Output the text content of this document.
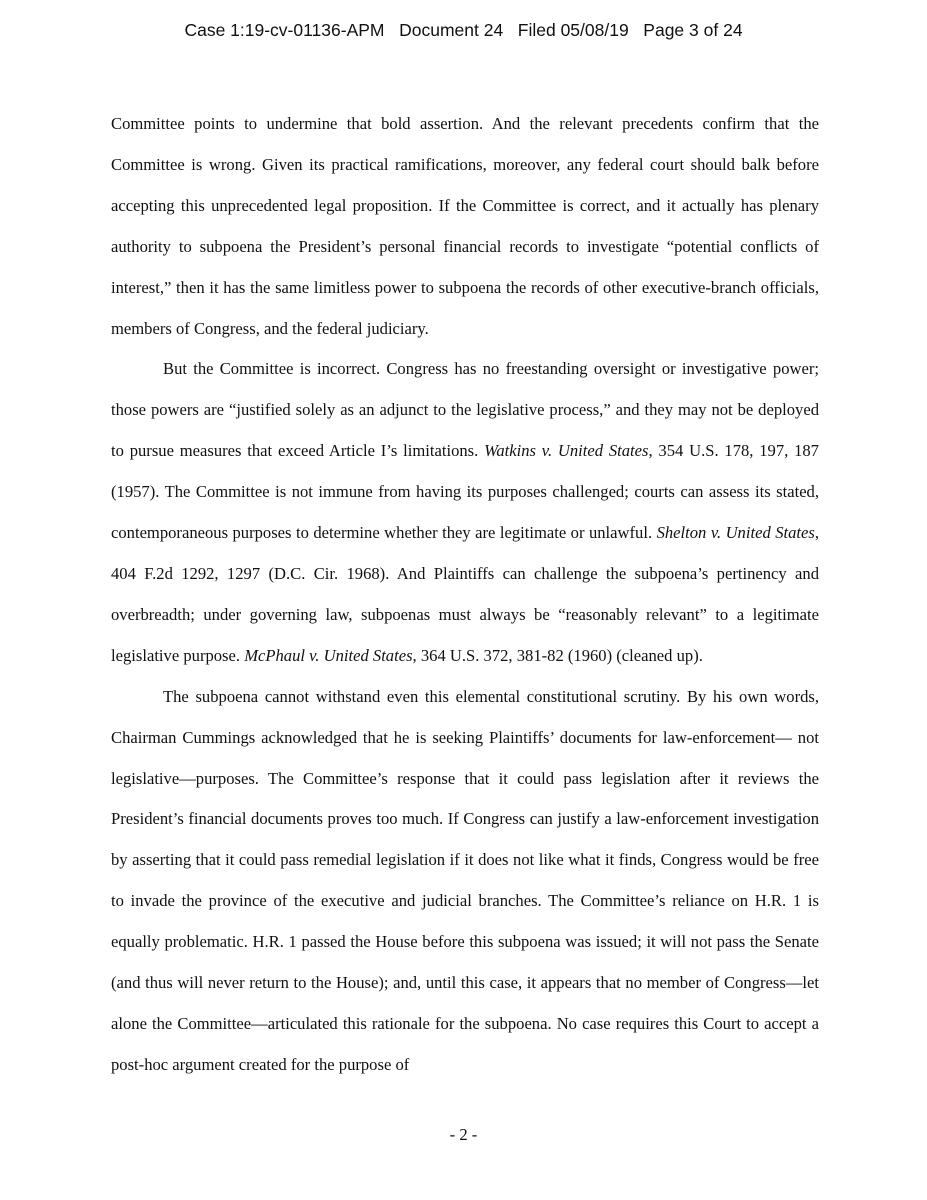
Case 1:19-cv-01136-APM Document 24 Filed 05/08/19 Page 3 of 24

Committee points to undermine that bold assertion. And the relevant precedents confirm that the Committee is wrong. Given its practical ramifications, moreover, any federal court should balk before accepting this unprecedented legal proposition. If the Committee is correct, and it actually has plenary authority to subpoena the President’s personal financial records to investigate “potential conflicts of interest,” then it has the same limitless power to subpoena the records of other executive-branch officials, members of Congress, and the federal judiciary.

But the Committee is incorrect. Congress has no freestanding oversight or investigative power; those powers are “justified solely as an adjunct to the legislative process,” and they may not be deployed to pursue measures that exceed Article I’s limitations. Watkins v. United States, 354 U.S. 178, 197, 187 (1957). The Committee is not immune from having its purposes challenged; courts can assess its stated, contemporaneous purposes to determine whether they are legitimate or unlawful. Shelton v. United States, 404 F.2d 1292, 1297 (D.C. Cir. 1968). And Plaintiffs can challenge the subpoena’s pertinency and overbreadth; under governing law, subpoenas must always be “reasonably relevant” to a legitimate legislative purpose. McPhaul v. United States, 364 U.S. 372, 381-82 (1960) (cleaned up).

The subpoena cannot withstand even this elemental constitutional scrutiny. By his own words, Chairman Cummings acknowledged that he is seeking Plaintiffs’ documents for law-enforcement— not legislative—purposes. The Committee’s response that it could pass legislation after it reviews the President’s financial documents proves too much. If Congress can justify a law-enforcement investigation by asserting that it could pass remedial legislation if it does not like what it finds, Congress would be free to invade the province of the executive and judicial branches. The Committee’s reliance on H.R. 1 is equally problematic. H.R. 1 passed the House before this subpoena was issued; it will not pass the Senate (and thus will never return to the House); and, until this case, it appears that no member of Congress—let alone the Committee—articulated this rationale for the subpoena. No case requires this Court to accept a post-hoc argument created for the purpose of

- 2 -
